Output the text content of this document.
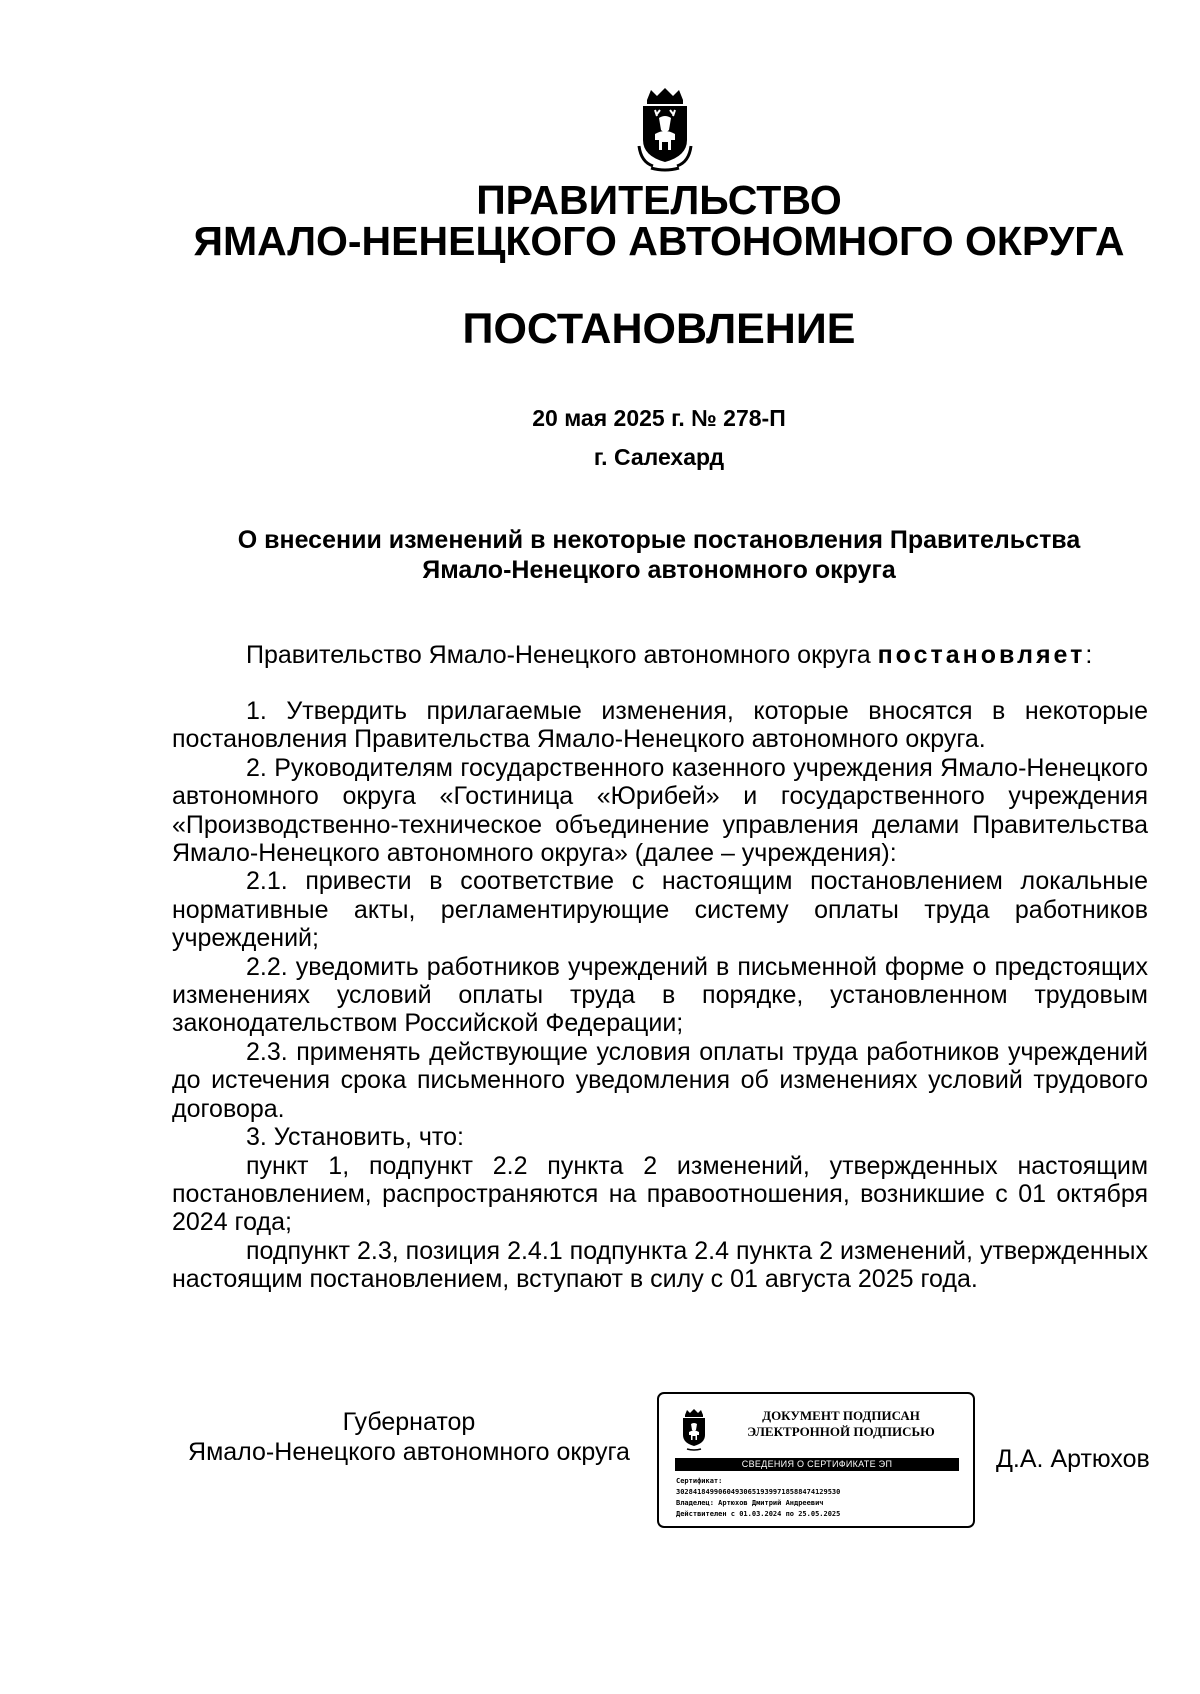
ПРАВИТЕЛЬСТВО
ЯМАЛО-НЕНЕЦКОГО АВТОНОМНОГО ОКРУГА
ПОСТАНОВЛЕНИЕ
20 мая 2025 г. № 278-П
г. Салехард
О внесении изменений в некоторые постановления Правительства
Ямало-Ненецкого автономного округа
Правительство Ямало-Ненецкого автономного округа постановляет:

1. Утвердить прилагаемые изменения, которые вносятся в некоторые постановления Правительства Ямало-Ненецкого автономного округа.

2. Руководителям государственного казенного учреждения Ямало-Ненецкого автономного округа «Гостиница «Юрибей» и государственного учреждения «Производственно-техническое объединение управления делами Правительства Ямало-Ненецкого автономного округа» (далее – учреждения):

2.1. привести в соответствие с настоящим постановлением локальные нормативные акты, регламентирующие систему оплаты труда работников учреждений;

2.2. уведомить работников учреждений в письменной форме о предстоящих изменениях условий оплаты труда в порядке, установленном трудовым законодательством Российской Федерации;

2.3. применять действующие условия оплаты труда работников учреждений до истечения срока письменного уведомления об изменениях условий трудового договора.

3. Установить, что:

пункт 1, подпункт 2.2 пункта 2 изменений, утвержденных настоящим постановлением, распространяются на правоотношения, возникшие с 01 октября 2024 года;

подпункт 2.3, позиция 2.4.1 подпункта 2.4 пункта 2 изменений, утвержденных настоящим постановлением, вступают в силу с 01 августа 2025 года.

Губернатор
Ямало-Ненецкого автономного округа
ДОКУМЕНТ ПОДПИСАН
ЭЛЕКТРОННОЙ ПОДПИСЬЮ
СВЕДЕНИЯ О СЕРТИФИКАТЕ ЭП
Сертификат:
302841849906049306519399718588474129530
Владелец: Артюхов Дмитрий Андреевич
Действителен с 01.03.2024 по 25.05.2025
Д.А. Артюхов
